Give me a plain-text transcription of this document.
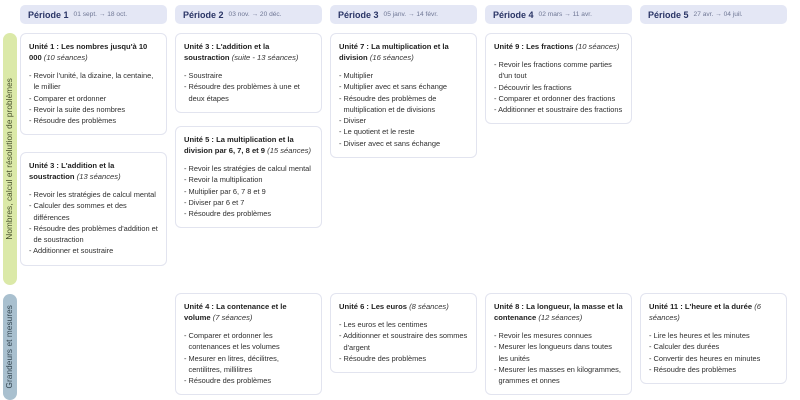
Nombres, calcul et résolution de problèmes
Grandeurs et mesures
Période 1 01 sept. → 18 oct.

Unité 1 : Les nombres jusqu'à 10 000 (10 séances)

- Revoir l'unité, la dizaine, la centaine, le millier
- Comparer et ordonner
- Revoir la suite des nombres
- Résoudre des problèmes

Unité 3 : L'addition et la soustraction (13 séances)

- Revoir les stratégies de calcul mental
- Calculer des sommes et des différences
- Résoudre des problèmes d'addition et de soustraction
- Additionner et soustraire
Période 2 03 nov. → 20 déc.

Unité 3 : L'addition et la soustraction (suite - 13 séances)

- Soustraire
- Résoudre des problèmes à une et deux étapes

Unité 5 : La multiplication et la division par 6, 7, 8 et 9 (15 séances)

- Revoir les stratégies de calcul mental
- Revoir la multiplication
- Multiplier par 6, 7 8 et 9
- Diviser par 6 et 7
- Résoudre des problèmes

Unité 4 : La contenance et le volume (7 séances)

- Comparer et ordonner les contenances et les volumes
- Mesurer en litres, décilitres, centilitres, millilitres
- Résoudre des problèmes
Période 3 05 janv. → 14 févr.

Unité 7 : La multiplication et la division (16 séances)

- Multiplier
- Multiplier avec et sans échange
- Résoudre des problèmes de multiplication et de divisions
- Diviser
- Le quotient et le reste
- Diviser avec et sans échange

Unité 6 : Les euros (8 séances)

- Les euros et les centimes
- Additionner et soustraire des sommes d'argent
- Résoudre des problèmes
Période 4 02 mars → 11 avr.

Unité 9 : Les fractions (10 séances)

- Revoir les fractions comme parties d'un tout
- Découvrir les fractions
- Comparer et ordonner des fractions
- Additionner et soustraire des fractions

Unité 8 : La longueur, la masse et la contenance (12 séances)

- Revoir les mesures connues
- Mesurer les longueurs dans toutes les unités
- Mesurer les masses en kilogrammes, grammes et onnes
Période 5 27 avr. → 04 juil.

Unité 11 : L'heure et la durée (6 séances)

- Lire les heures et les minutes
- Calculer des durées
- Convertir des heures en minutes
- Résoudre des problèmes
